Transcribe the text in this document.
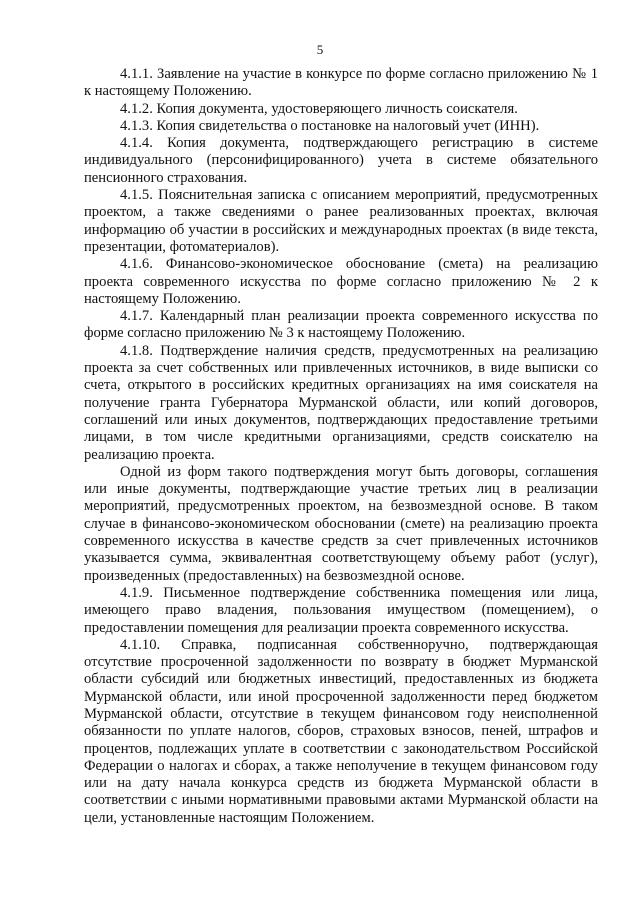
5

4.1.1. Заявление на участие в конкурсе по форме согласно приложению № 1 к настоящему Положению.

4.1.2. Копия документа, удостоверяющего личность соискателя.

4.1.3. Копия свидетельства о постановке на налоговый учет (ИНН).

4.1.4. Копия документа, подтверждающего регистрацию в системе индивидуального (персонифицированного) учета в системе обязательного пенсионного страхования.

4.1.5. Пояснительная записка с описанием мероприятий, предусмотренных проектом, а также сведениями о ранее реализованных проектах, включая информацию об участии в российских и международных проектах (в виде текста, презентации, фотоматериалов).

4.1.6. Финансово-экономическое обоснование (смета) на реализацию проекта современного искусства по форме согласно приложению № 2 к настоящему Положению.

4.1.7. Календарный план реализации проекта современного искусства по форме согласно приложению № 3 к настоящему Положению.

4.1.8. Подтверждение наличия средств, предусмотренных на реализацию проекта за счет собственных или привлеченных источников, в виде выписки со счета, открытого в российских кредитных организациях на имя соискателя на получение гранта Губернатора Мурманской области, или копий договоров, соглашений или иных документов, подтверждающих предоставление третьими лицами, в том числе кредитными организациями, средств соискателю на реализацию проекта.

Одной из форм такого подтверждения могут быть договоры, соглашения или иные документы, подтверждающие участие третьих лиц в реализации мероприятий, предусмотренных проектом, на безвозмездной основе. В таком случае в финансово-экономическом обосновании (смете) на реализацию проекта современного искусства в качестве средств за счет привлеченных источников указывается сумма, эквивалентная соответствующему объему работ (услуг), произведенных (предоставленных) на безвозмездной основе.

4.1.9. Письменное подтверждение собственника помещения или лица, имеющего право владения, пользования имуществом (помещением), о предоставлении помещения для реализации проекта современного искусства.

4.1.10. Справка, подписанная собственноручно, подтверждающая отсутствие просроченной задолженности по возврату в бюджет Мурманской области субсидий или бюджетных инвестиций, предоставленных из бюджета Мурманской области, или иной просроченной задолженности перед бюджетом Мурманской области, отсутствие в текущем финансовом году неисполненной обязанности по уплате налогов, сборов, страховых взносов, пеней, штрафов и процентов, подлежащих уплате в соответствии с законодательством Российской Федерации о налогах и сборах, а также неполучение в текущем финансовом году или на дату начала конкурса средств из бюджета Мурманской области в соответствии с иными нормативными правовыми актами Мурманской области на цели, установленные настоящим Положением.
